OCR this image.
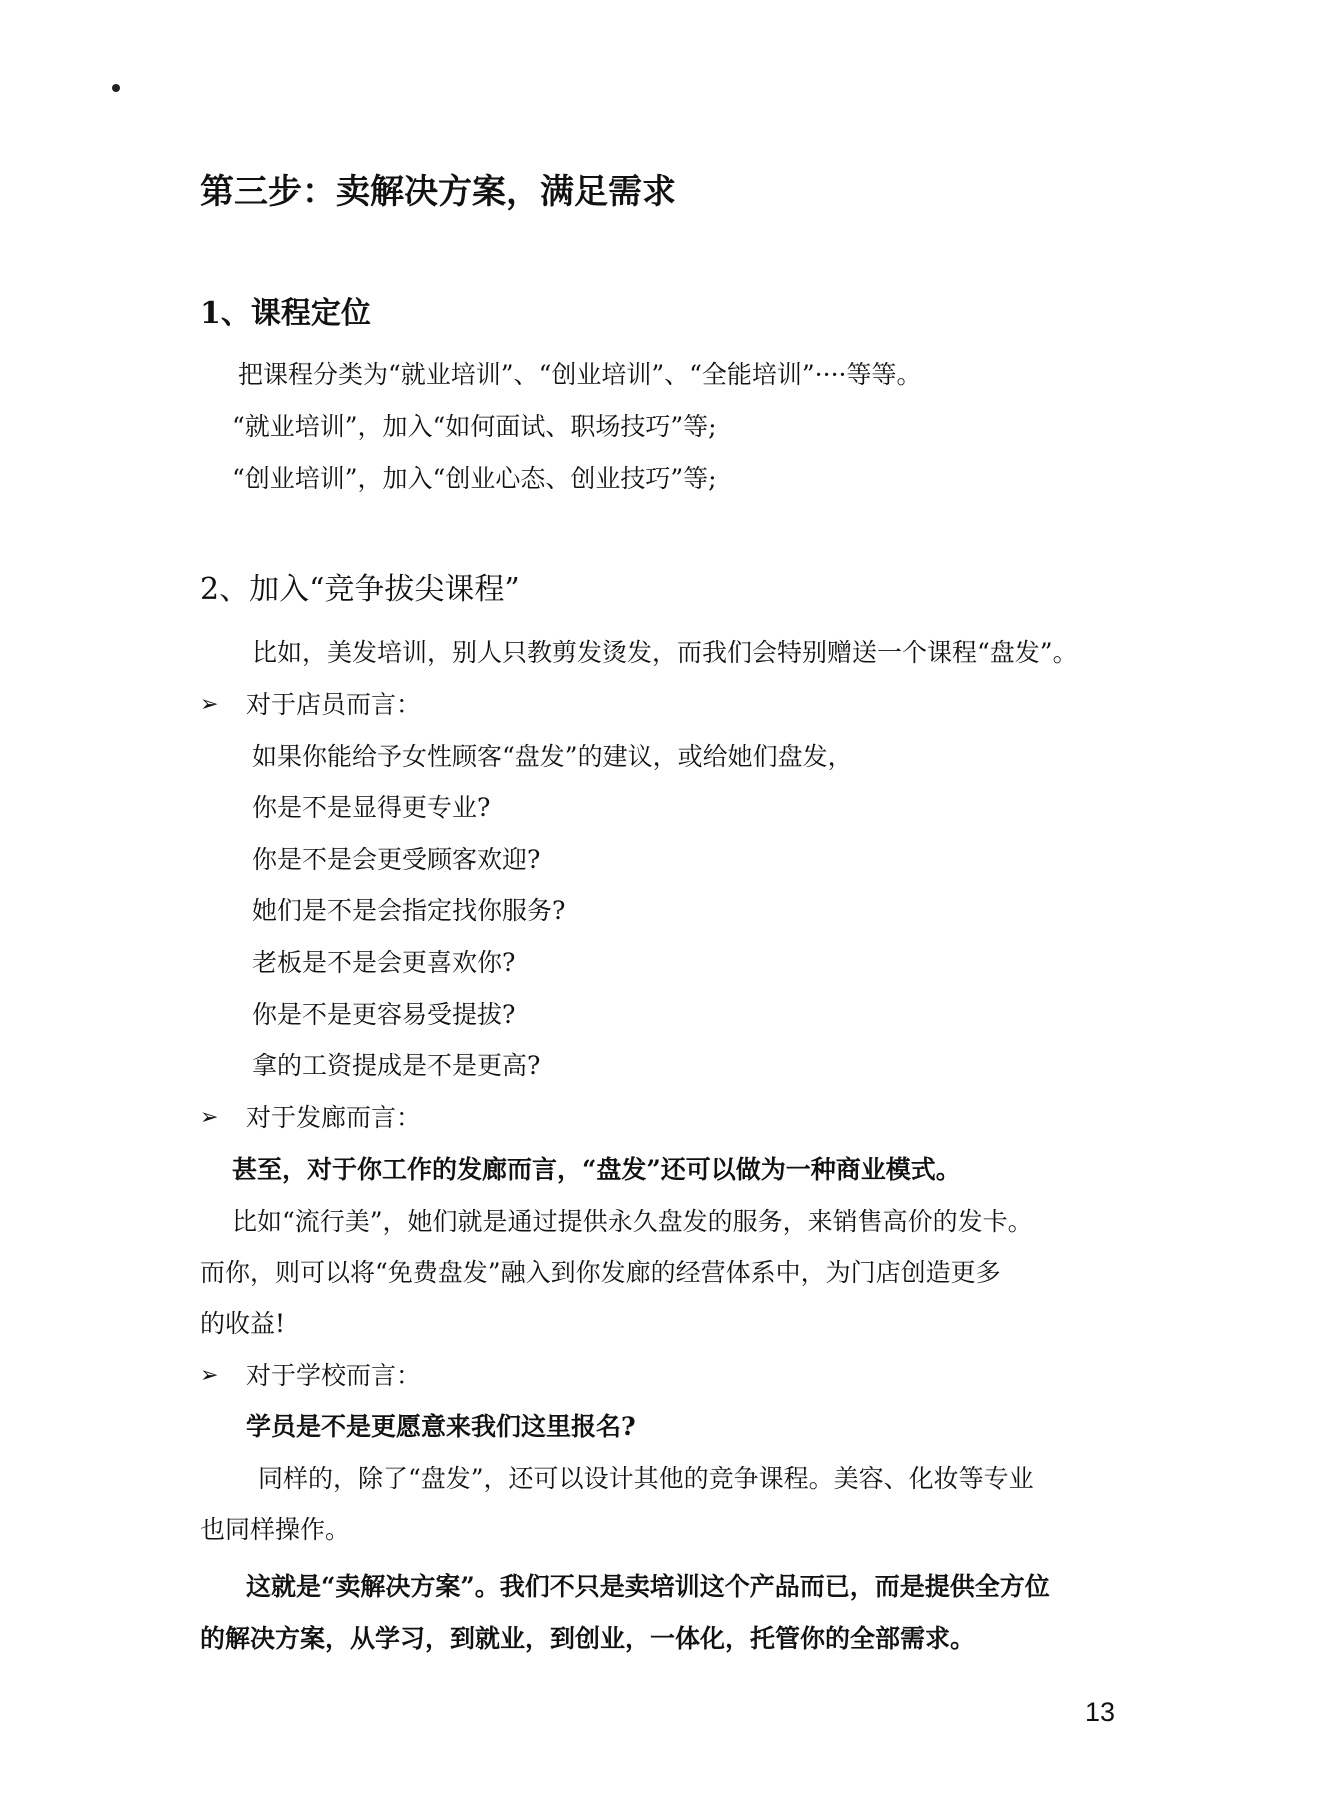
第三步：卖解决方案，满足需求
1、课程定位
把课程分类为“就业培训”、“创业培训”、“全能培训”····等等。
“就业培训”，加入“如何面试、职场技巧”等;
“创业培训”，加入“创业心态、创业技巧”等;
2、加入“竞争拔尖课程”
比如，美发培训，别人只教剪发烫发，而我们会特别赠送一个课程“盘发”。
➢	对于店员而言：
如果你能给予女性顾客“盘发”的建议，或给她们盘发，
你是不是显得更专业?
你是不是会更受顾客欢迎?
她们是不是会指定找你服务?
老板是不是会更喜欢你?
你是不是更容易受提拔?
拿的工资提成是不是更高?
➢	对于发廊而言：
甚至，对于你工作的发廊而言，“盘发”还可以做为一种商业模式。
比如“流行美”，她们就是通过提供永久盘发的服务，来销售高价的发卡。
而你，则可以将“免费盘发”融入到你发廊的经营体系中，为门店创造更多
的收益!
➢	对于学校而言：
学员是不是更愿意来我们这里报名?
同样的，除了“盘发”，还可以设计其他的竞争课程。美容、化妆等专业
也同样操作。
这就是“卖解决方案”。我们不只是卖培训这个产品而已，而是提供全方位
的解决方案，从学习，到就业，到创业，一体化，托管你的全部需求。
13
